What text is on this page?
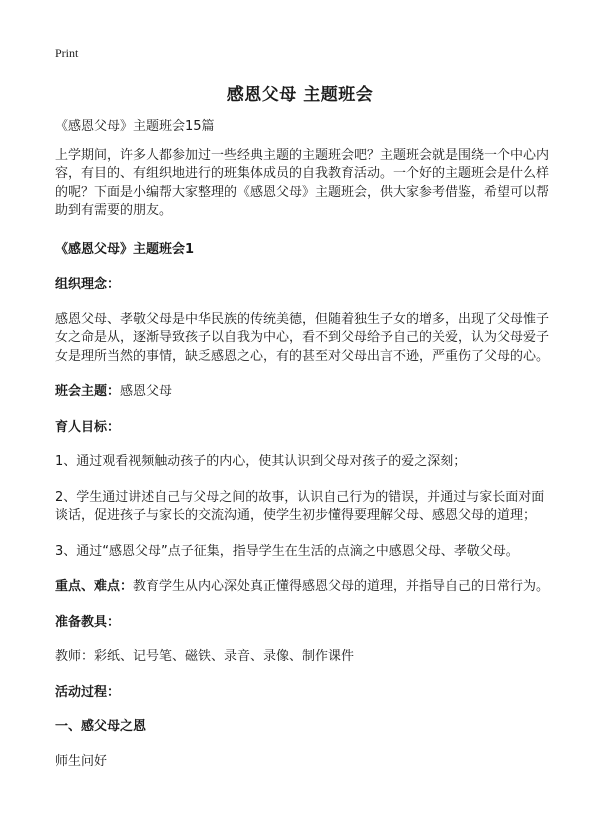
Print
感恩父母 主题班会

《感恩父母》主题班会15篇

上学期间，许多人都参加过一些经典主题的主题班会吧？主题班会就是围绕一个中心内容，有目的、有组织地进行的班集体成员的自我教育活动。一个好的主题班会是什么样的呢？下面是小编帮大家整理的《感恩父母》主题班会，供大家参考借鉴，希望可以帮助到有需要的朋友。

《感恩父母》主题班会1

组织理念：

感恩父母、孝敬父母是中华民族的传统美德，但随着独生子女的增多，出现了父母惟子女之命是从，逐渐导致孩子以自我为中心，看不到父母给予自己的关爱，认为父母爱子女是理所当然的事情，缺乏感恩之心，有的甚至对父母出言不逊，严重伤了父母的心。

班会主题：感恩父母

育人目标：

1、通过观看视频触动孩子的内心，使其认识到父母对孩子的爱之深刻；

2、学生通过讲述自己与父母之间的故事，认识自己行为的错误，并通过与家长面对面谈话，促进孩子与家长的交流沟通，使学生初步懂得要理解父母、感恩父母的道理；

3、通过“感恩父母”点子征集，指导学生在生活的点滴之中感恩父母、孝敬父母。

重点、难点：教育学生从内心深处真正懂得感恩父母的道理，并指导自己的日常行为。

准备教具：

教师：彩纸、记号笔、磁铁、录音、录像、制作课件

活动过程：

一、感父母之恩

师生问好
